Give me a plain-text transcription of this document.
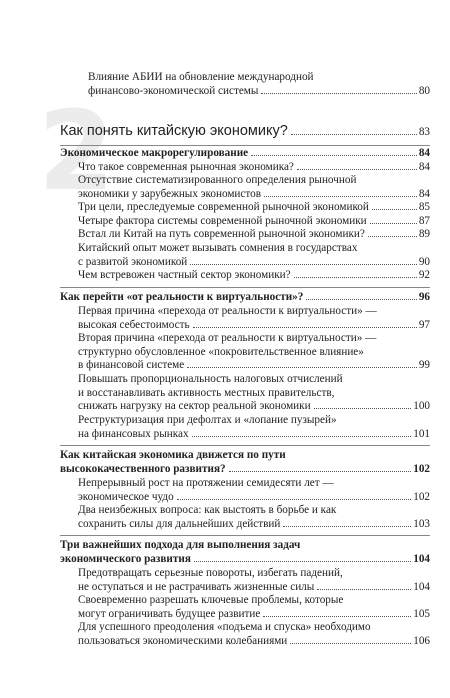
2
Влияние АБИИ на обновление международной
финансово-экономической системы	80
Как понять китайскую экономику?	83
Экономическое макрорегулирование	84
Что такое современная рыночная экономика?	84
Отсутствие систематизированного определения рыночной
экономики у зарубежных экономистов	84
Три цели, преследуемые современной рыночной экономикой	85
Четыре фактора системы современной рыночной экономики	87
Встал ли Китай на путь современной рыночной экономики?	89
Китайский опыт может вызывать сомнения в государствах
с развитой экономикой	90
Чем встревожен частный сектор экономики?	92
Как перейти «от реальности к виртуальности»?	96
Первая причина «перехода от реальности к виртуальности» —
высокая себестоимость	97
Вторая причина «перехода от реальности к виртуальности» —
структурно обусловленное «покровительственное влияние»
в финансовой системе	99
Повышать пропорциональность налоговых отчислений
и восстанавливать активность местных правительств,
снижать нагрузку на сектор реальной экономики	100
Реструктуризация при дефолтах и «лопание пузырей»
на финансовых рынках	101
Как китайская экономика движется по пути
высококачественного развития?	102
Непрерывный рост на протяжении семидесяти лет —
экономическое чудо	102
Два неизбежных вопроса: как выстоять в борьбе и как
сохранить силы для дальнейших действий	103
Три важнейших подхода для выполнения задач
экономического развития	104
Предотвращать серьезные повороты, избегать падений,
не оступаться и не растрачивать жизненные силы	104
Своевременно разрешать ключевые проблемы, которые
могут ограничивать будущее развитие	105
Для успешного преодоления «подъема и спуска» необходимо
пользоваться экономическими колебаниями	106
